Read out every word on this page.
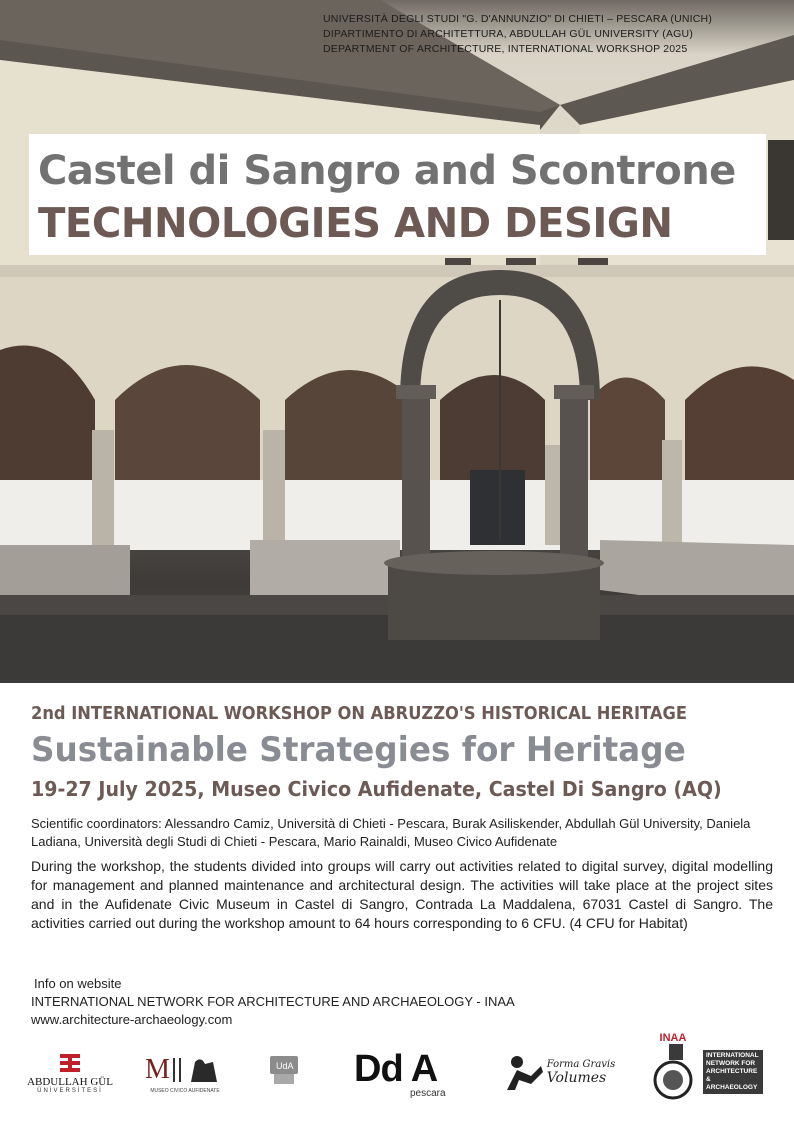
UNIVERSITÀ DEGLI STUDI "G. D'ANNUNZIO" DI CHIETI – PESCARA (UNICH)
DIPARTIMENTO DI ARCHITETTURA, ABDULLAH GÜL UNIVERSITY (AGU)
DEPARTMENT OF ARCHITECTURE, INTERNATIONAL WORKSHOP 2025
Castel di Sangro and Scontrone
TECHNOLOGIES AND DESIGN
2nd INTERNATIONAL WORKSHOP ON ABRUZZO'S HISTORICAL HERITAGE
Sustainable Strategies for Heritage
19-27 July 2025, Museo Civico Aufidenate, Castel Di Sangro (AQ)
Scientific coordinators: Alessandro Camiz, Università di Chieti - Pescara, Burak Asiliskender, Abdullah Gül University, Daniela Ladiana, Università degli Studi di Chieti - Pescara, Mario Rainaldi, Museo Civico Aufidenate
During the workshop, the students divided into groups will carry out activities related to digital survey, digital modelling for management and planned maintenance and architectural design. The activities will take place at the project sites and in the Aufidenate Civic Museum in Castel di Sangro, Contrada La Maddalena, 67031 Castel di Sangro. The activities carried out during the workshop amount to 64 hours corresponding to 6 CFU. (4 CFU for Habitat)
Info on website
INTERNATIONAL NETWORK FOR ARCHITECTURE AND ARCHAEOLOGY - INAA
www.architecture-archaeology.com
ABDULLAH GÜL
ÜNİVERSİTESİ
M
MUSEO CIVICO AUFIDENATE
UdA Dd A
pescara
Forma Gravis
Volumes
INAA
INTERNATIONAL
NETWORK FOR
ARCHITECTURE &
ARCHAEOLOGY
